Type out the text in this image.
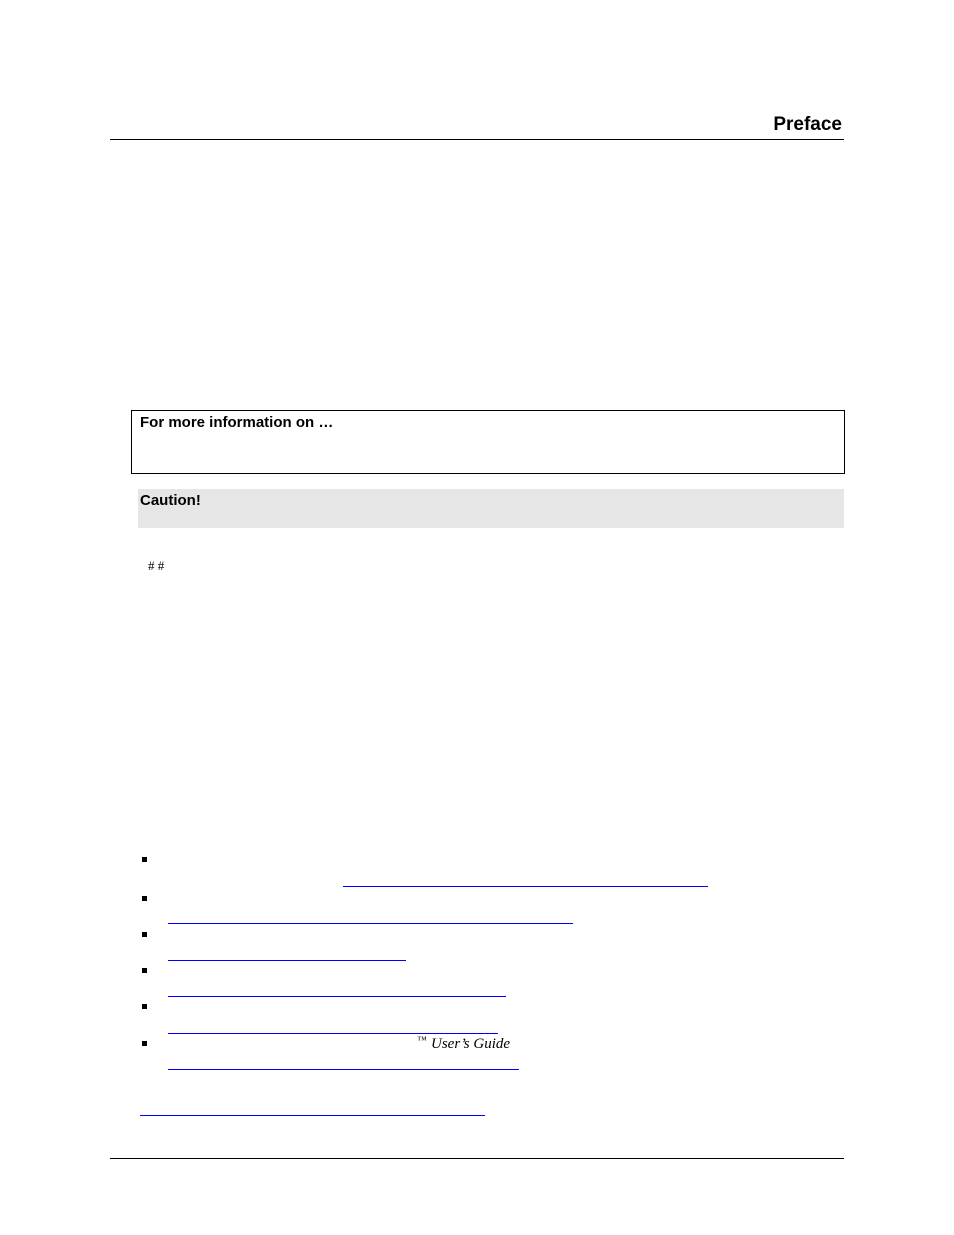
Preface
For more information on …
Caution!
# #
™ User’s Guide
